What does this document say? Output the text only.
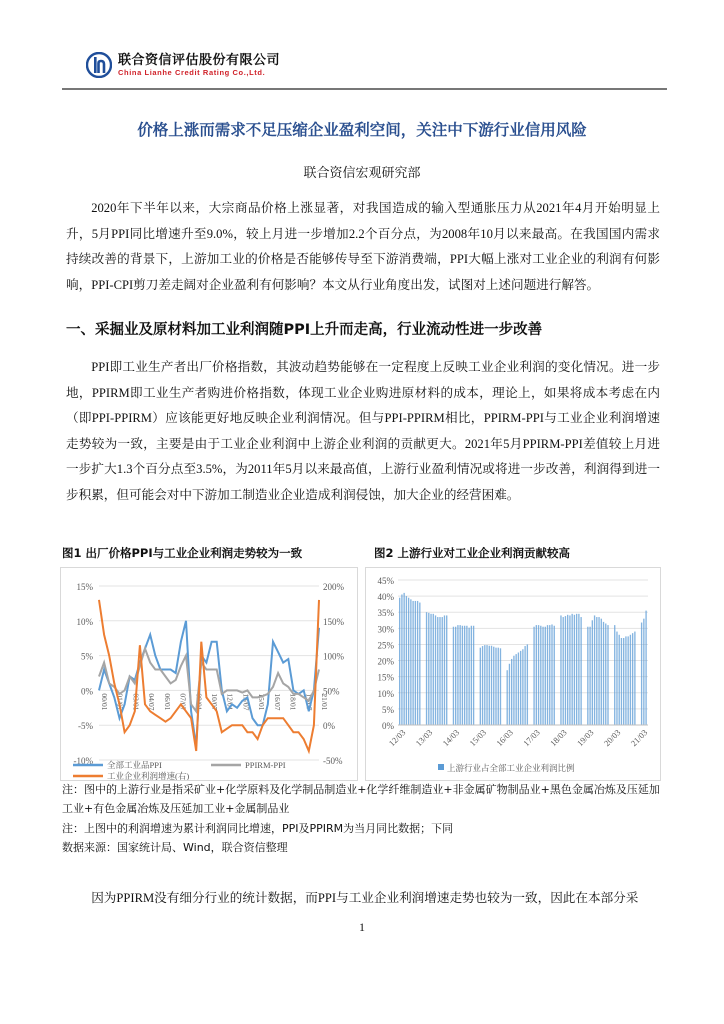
联合资信评估股份有限公司
China Lianhe Credit Rating Co.,Ltd.
价格上涨而需求不足压缩企业盈利空间，关注中下游行业信用风险
联合资信宏观研究部
2020年下半年以来，大宗商品价格上涨显著，对我国造成的输入型通胀压力从2021年4月开始明显上升，5月PPI同比增速升至9.0%，较上月进一步增加2.2个百分点，为2008年10月以来最高。在我国国内需求持续改善的背景下，上游加工业的价格是否能够传导至下游消费端，PPI大幅上涨对工业企业的利润有何影响，PPI-CPI剪刀差走阔对企业盈利有何影响？本文从行业角度出发，试图对上述问题进行解答。
一、采掘业及原材料加工业利润随PPI上升而走高，行业流动性进一步改善
PPI即工业生产者出厂价格指数，其波动趋势能够在一定程度上反映工业企业利润的变化情况。进一步地，PPIRM即工业生产者购进价格指数，体现工业企业购进原材料的成本，理论上，如果将成本考虑在内（即PPI-PPIRM）应该能更好地反映企业利润情况。但与PPI-PPIRM相比，PPIRM-PPI与工业企业利润增速走势较为一致，主要是由于工业企业利润中上游企业利润的贡献更大。2021年5月PPIRM-PPI差值较上月进一步扩大1.3个百分点至3.5%，为2011年5月以来最高值，上游行业盈利情况或将进一步改善，利润得到进一步积累，但可能会对中下游加工制造业企业造成利润侵蚀，加大企业的经营困难。
图1 出厂价格PPI与工业企业利润走势较为一致	图2 上游行业对工业企业利润贡献较高
15%
10%
5%
0%
-5%
-10%
200%
150%
100%
50%
0%
-50%
00/01 01/07 03/01 04/07 06/01 07/07 09/01 10/07 12/01 13/07 15/01 16/07 18/01 19/07 21/01
全部工业品PPI	PPIRM-PPI
工业企业利润增速(右)
45%
40%
35%
30%
25%
20%
15%
10%
5%
0%
12/03 13/03 14/03 15/03 16/03 17/03 18/03 19/03 20/03 21/03
上游行业占全部工业企业利润比例
注：图中的上游行业是指采矿业+化学原料及化学制品制造业+化学纤维制造业+非金属矿物制品业+黑色金属冶炼及压延加工业+有色金属冶炼及压延加工业+金属制品业
注：上图中的利润增速为累计利润同比增速，PPI及PPIRM为当月同比数据；下同
数据来源：国家统计局、Wind，联合资信整理
因为PPIRM没有细分行业的统计数据，而PPI与工业企业利润增速走势也较为一致，因此在本部分采
1
